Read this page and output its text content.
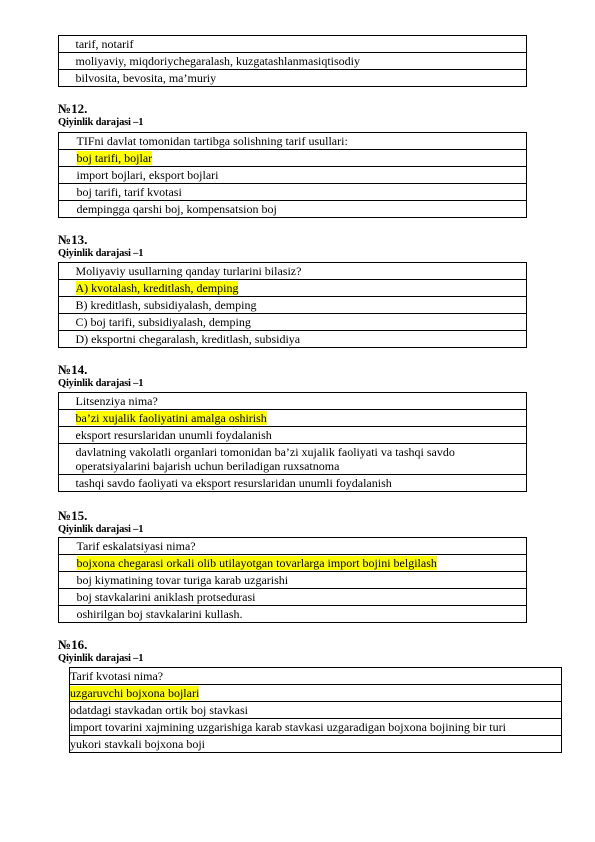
	tarif, notarif
	moliyaviy, miqdoriychegaralash, kuzgatashlanmasiqtisodiy
	bilvosita, bevosita, ma’muriy
№12.
Qiyinlik darajasi –1
	TIFni davlat tomonidan tartibga solishning tarif usullari:
	boj tarifi, bojlar
	import bojlari, eksport bojlari
	boj tarifi, tarif kvotasi
	dempingga qarshi boj, kompensatsion boj
№13.
Qiyinlik darajasi –1
	Moliyaviy usullarning qanday turlarini bilasiz?
	A) kvotalash, kreditlash, demping
	B) kreditlash, subsidiyalash, demping
	C) boj tarifi, subsidiyalash, demping
	D) eksportni chegaralash, kreditlash, subsidiya
№14.
Qiyinlik darajasi –1
	Litsenziya nima?
	ba’zi xujalik faoliyatini amalga oshirish
	eksport resurslaridan unumli foydalanish
	davlatning vakolatli organlari tomonidan ba’zi xujalik faoliyati va tashqi savdo operatsiyalarini bajarish uchun beriladigan ruxsatnoma
	tashqi savdo faoliyati va eksport resurslaridan unumli foydalanish
№15.
Qiyinlik darajasi –1
	Tarif eskalatsiyasi nima?
	bojxona chegarasi orkali olib utilayotgan tovarlarga import bojini belgilash
	boj kiymatining tovar turiga karab uzgarishi
	boj stavkalarini aniklash protsedurasi
	oshirilgan boj stavkalarini kullash.
№16.
Qiyinlik darajasi –1
Tarif kvotasi nima?
uzgaruvchi bojxona bojlari
odatdagi stavkadan ortik boj stavkasi
import tovarini xajmining uzgarishiga karab stavkasi uzgaradigan bojxona bojining bir turi
yukori stavkali bojxona boji
